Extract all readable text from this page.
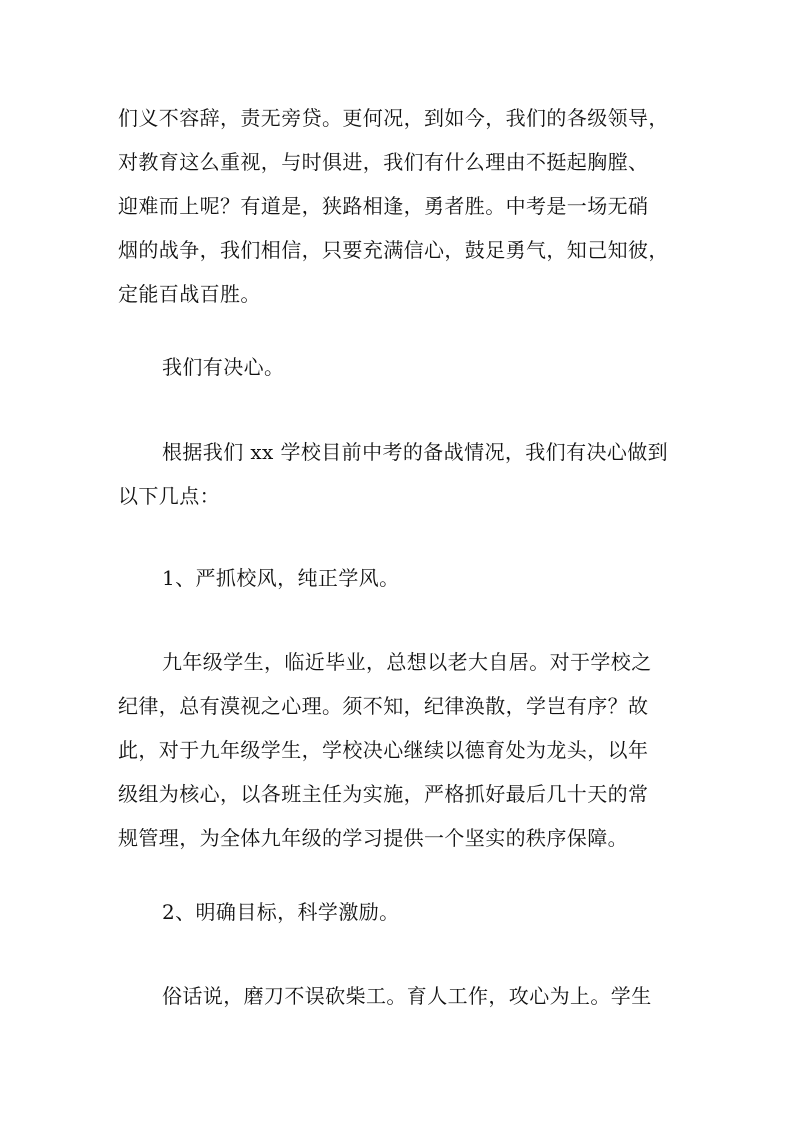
们义不容辞，责无旁贷。更何况，到如今，我们的各级领导，
对教育这么重视，与时俱进，我们有什么理由不挺起胸膛、
迎难而上呢？有道是，狭路相逢，勇者胜。中考是一场无硝
烟的战争，我们相信，只要充满信心，鼓足勇气，知己知彼，
定能百战百胜。
我们有决心。
根据我们 xx 学校目前中考的备战情况，我们有决心做到
以下几点：
1、严抓校风，纯正学风。
九年级学生，临近毕业，总想以老大自居。对于学校之
纪律，总有漠视之心理。须不知，纪律涣散，学岂有序？故
此，对于九年级学生，学校决心继续以德育处为龙头，以年
级组为核心，以各班主任为实施，严格抓好最后几十天的常
规管理，为全体九年级的学习提供一个坚实的秩序保障。
2、明确目标，科学激励。
俗话说，磨刀不误砍柴工。育人工作，攻心为上。学生
